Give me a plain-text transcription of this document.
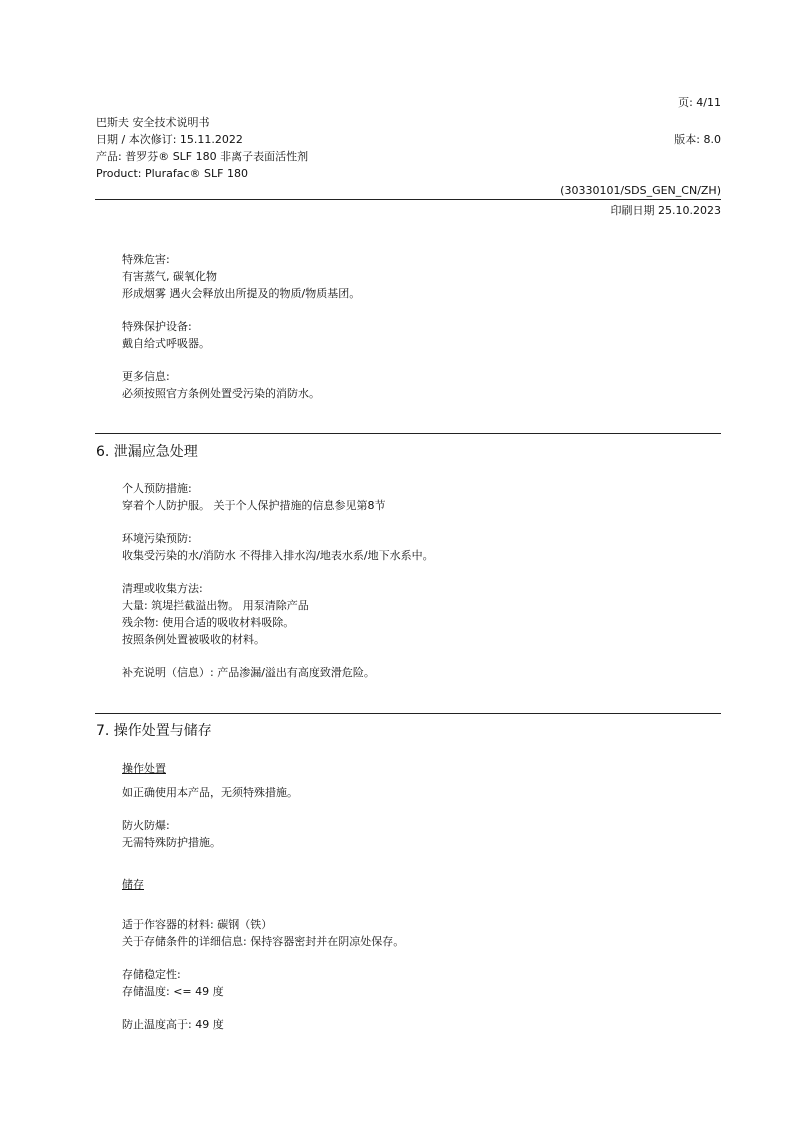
页: 4/11
巴斯夫 安全技术说明书
日期 / 本次修订: 15.11.2022	版本: 8.0
产品: 普罗芬® SLF 180 非离子表面活性剂
Product: Plurafac® SLF 180
(30330101/SDS_GEN_CN/ZH)
印刷日期 25.10.2023
特殊危害:
有害蒸气, 碳氧化物
形成烟雾 遇火会释放出所提及的物质/物质基团。
特殊保护设备:
戴自给式呼吸器。
更多信息:
必须按照官方条例处置受污染的消防水。
6. 泄漏应急处理
个人预防措施:
穿着个人防护服。 关于个人保护措施的信息参见第8节
环境污染预防:
收集受污染的水/消防水 不得排入排水沟/地表水系/地下水系中。
清理或收集方法:
大量: 筑堤拦截溢出物。 用泵清除产品
残余物: 使用合适的吸收材料吸除。
按照条例处置被吸收的材料。
补充说明（信息）: 产品渗漏/溢出有高度致滑危险。
7. 操作处置与储存
操作处置
如正确使用本产品，无须特殊措施。
防火防爆:
无需特殊防护措施。
储存
适于作容器的材料: 碳钢（铁）
关于存储条件的详细信息: 保持容器密封并在阴凉处保存。
存储稳定性:
存储温度: <= 49 度
防止温度高于: 49 度
